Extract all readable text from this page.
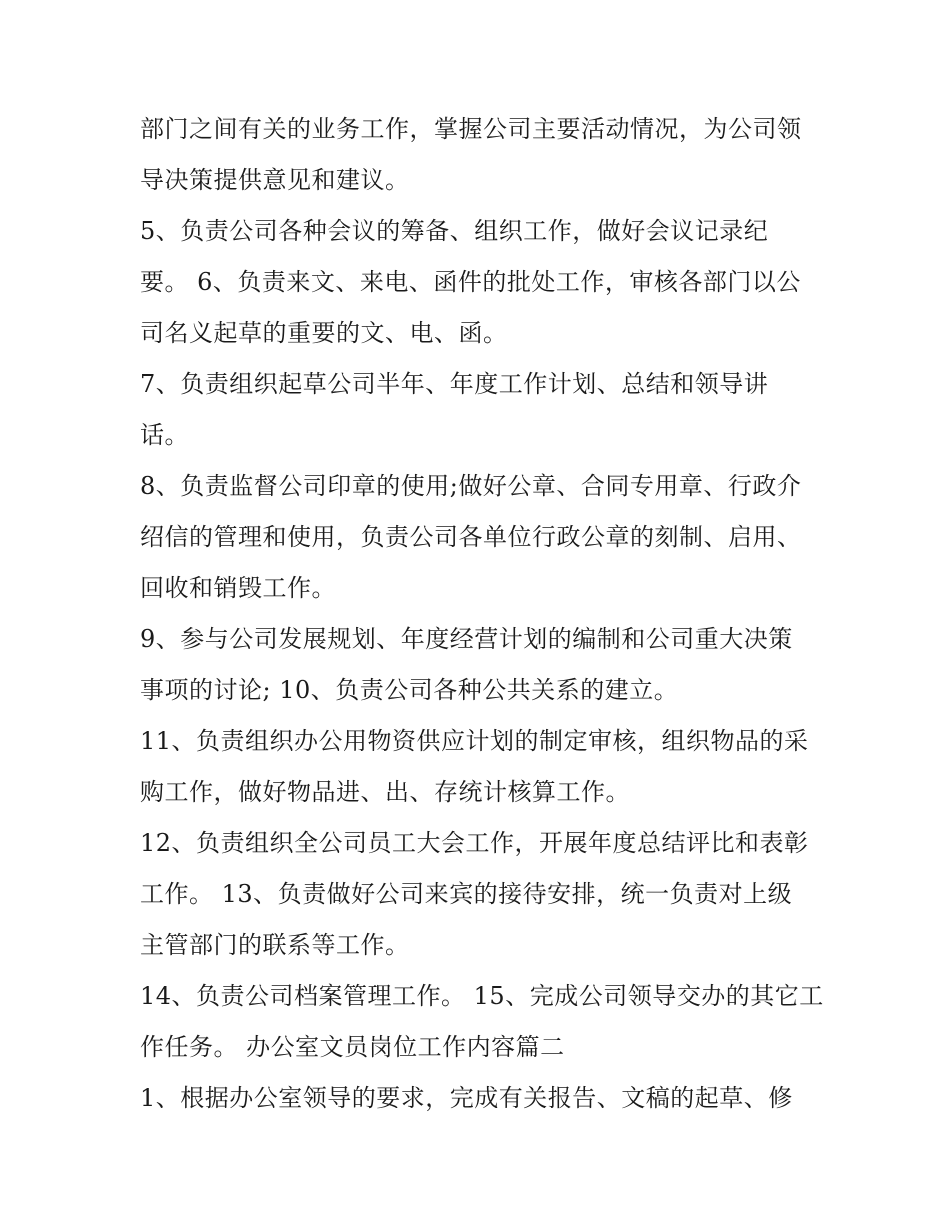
部门之间有关的业务工作，掌握公司主要活动情况，为公司领
导决策提供意见和建议。
5、负责公司各种会议的筹备、组织工作，做好会议记录纪
要。 6、负责来文、来电、函件的批处工作，审核各部门以公
司名义起草的重要的文、电、函。
7、负责组织起草公司半年、年度工作计划、总结和领导讲
话。
8、负责监督公司印章的使用;做好公章、合同专用章、行政介
绍信的管理和使用，负责公司各单位行政公章的刻制、启用、
回收和销毁工作。
9、参与公司发展规划、年度经营计划的编制和公司重大决策
事项的讨论; 10、负责公司各种公共关系的建立。
11、负责组织办公用物资供应计划的制定审核，组织物品的采
购工作，做好物品进、出、存统计核算工作。
12、负责组织全公司员工大会工作，开展年度总结评比和表彰
工作。 13、负责做好公司来宾的接待安排，统一负责对上级
主管部门的联系等工作。
14、负责公司档案管理工作。 15、完成公司领导交办的其它工
作任务。 办公室文员岗位工作内容篇二
1、根据办公室领导的要求，完成有关报告、文稿的起草、修
